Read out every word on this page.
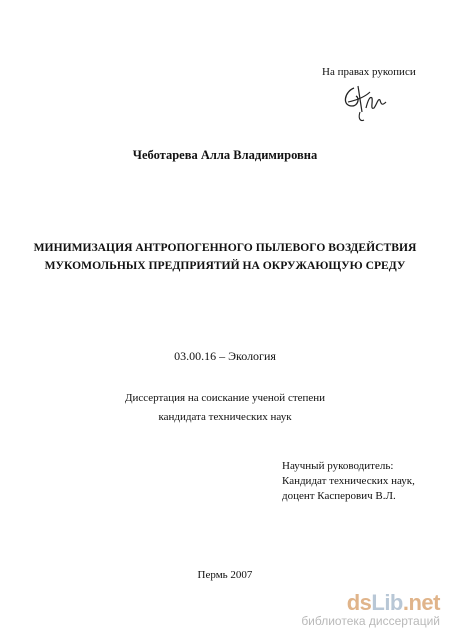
На правах рукописи
Чеботарева Алла Владимировна
МИНИМИЗАЦИЯ АНТРОПОГЕННОГО ПЫЛЕВОГО ВОЗДЕЙСТВИЯ
МУКОМОЛЬНЫХ ПРЕДПРИЯТИЙ НА ОКРУЖАЮЩУЮ СРЕДУ
03.00.16 – Экология
Диссертация на соискание ученой степени
кандидата технических наук
Научный руководитель:
Кандидат технических наук,
доцент Касперович В.Л.
Пермь 2007
dsLib.net
библиотека диссертаций
